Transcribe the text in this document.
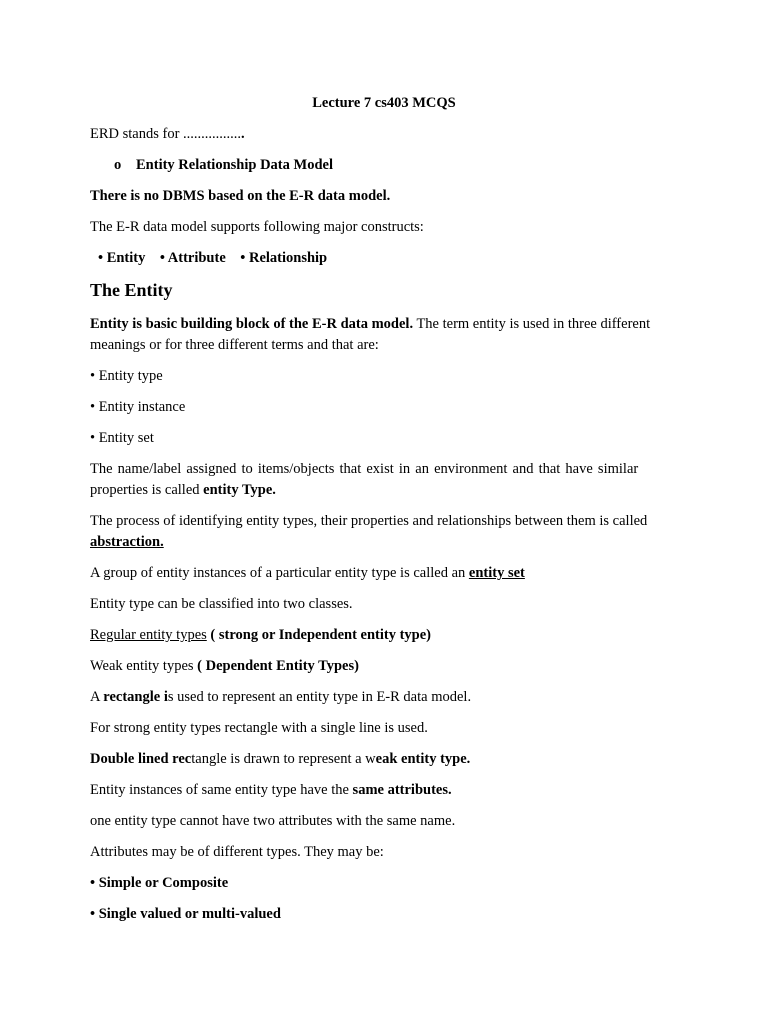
Lecture 7 cs403 MCQS

ERD stands for .................

o Entity Relationship Data Model

There is no DBMS based on the E-R data model.

The E-R data model supports following major constructs:

• Entity • Attribute • Relationship

The Entity

Entity is basic building block of the E-R data model. The term entity is used in three different

meanings or for three different terms and that are:

• Entity type

• Entity instance

• Entity set

The name/label assigned to items/objects that exist in an environment and that have similar

properties is called entity Type.

The process of identifying entity types, their properties and relationships between them is called

abstraction.

A group of entity instances of a particular entity type is called an entity set

Entity type can be classified into two classes.

Regular entity types ( strong or Independent entity type)

Weak entity types ( Dependent Entity Types)

A rectangle is used to represent an entity type in E-R data model.

For strong entity types rectangle with a single line is used.

Double lined rectangle is drawn to represent a weak entity type.

Entity instances of same entity type have the same attributes.

one entity type cannot have two attributes with the same name.

Attributes may be of different types. They may be:

• Simple or Composite

• Single valued or multi-valued
